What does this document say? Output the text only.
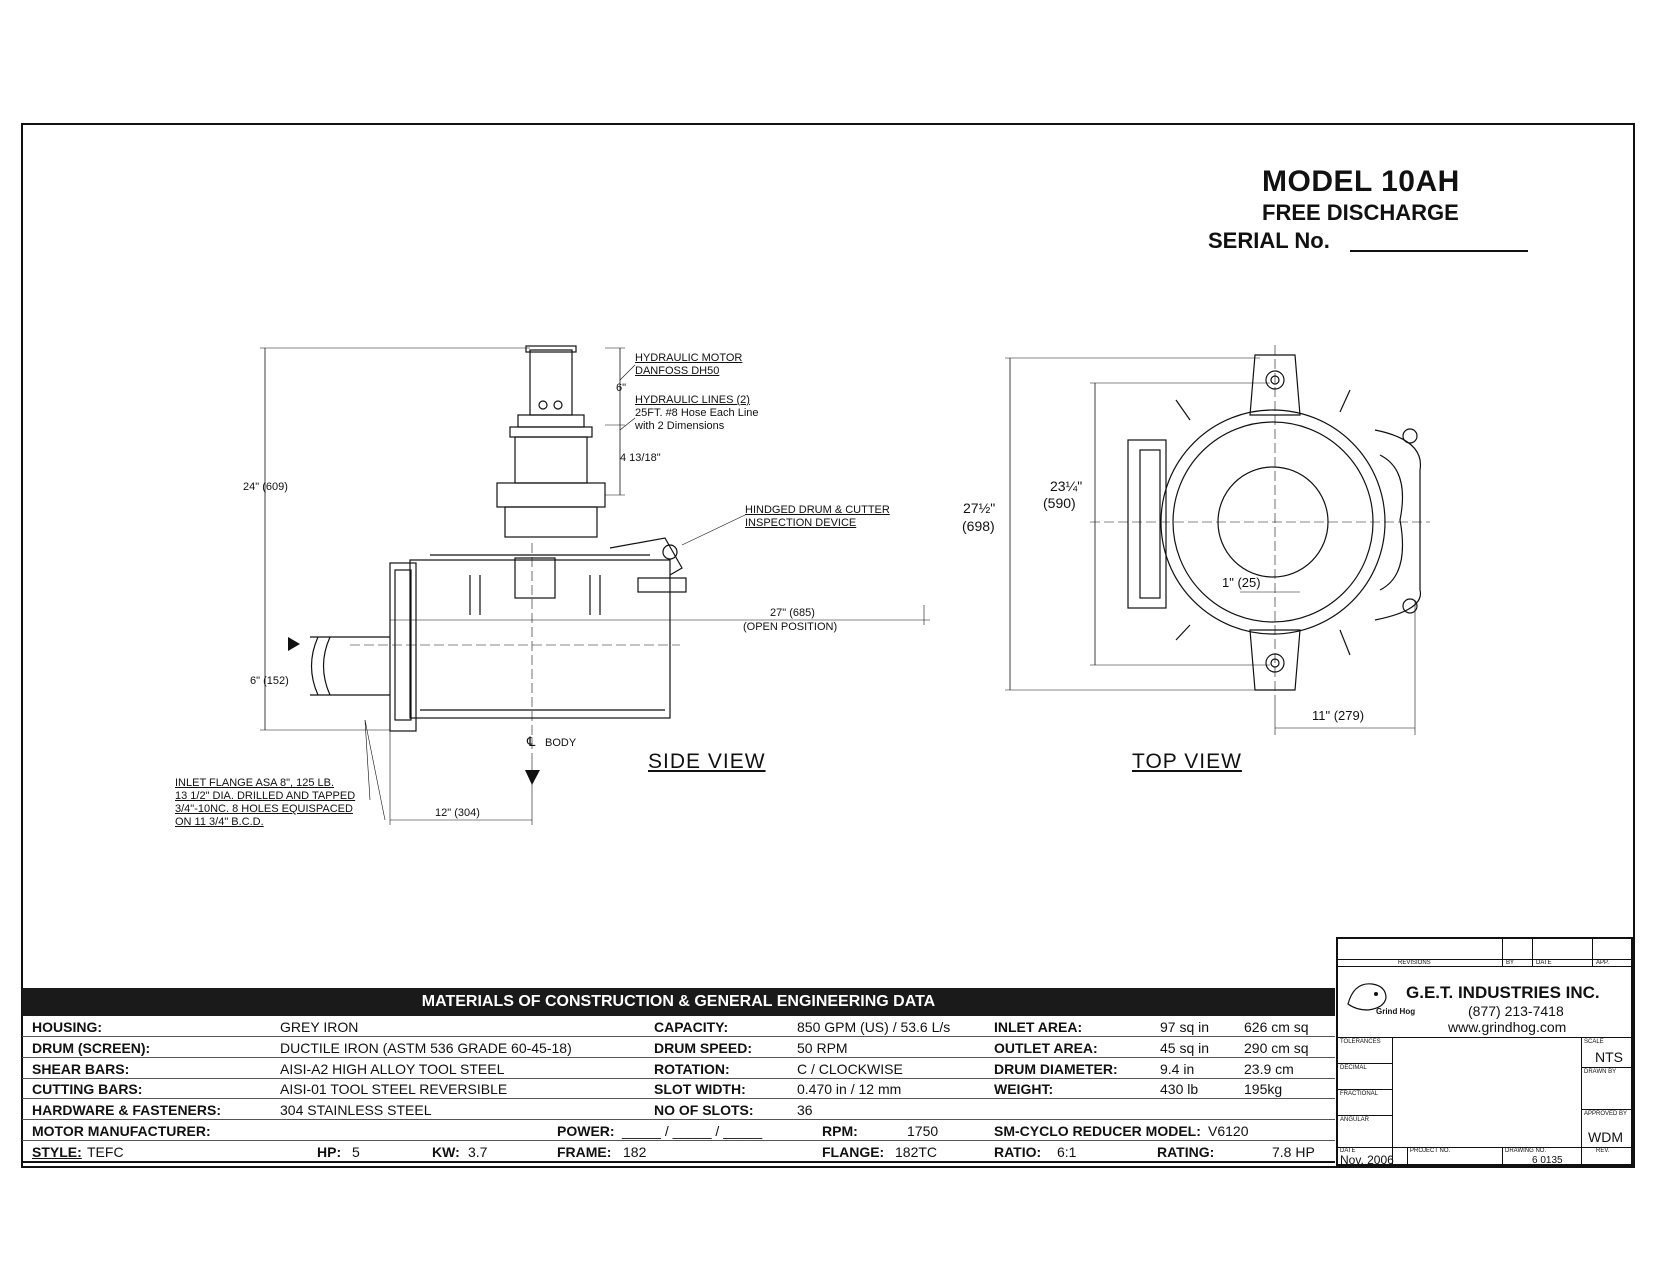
MODEL 10AH
FREE DISCHARGE
SERIAL No.
HYDRAULIC MOTOR
DANFOSS DH50
6"
HYDRAULIC LINES (2)
25FT. #8 Hose Each Line
with 2 Dimensions
4 13/18"
24" (609)
6" (152)
HINDGED DRUM & CUTTER
INSPECTION DEVICE
27" (685)
(OPEN POSITION)
℄ BODY
INLET FLANGE ASA 8", 125 LB.
13 1/2" DIA. DRILLED AND TAPPED
3/4"-10NC. 8 HOLES EQUISPACED
ON 11 3/4" B.C.D.
12" (304)
SIDE VIEW
27½"
(698)
23¼"
(590)
1" (25)
11" (279)
TOP VIEW
MATERIALS OF CONSTRUCTION & GENERAL ENGINEERING DATA
HOUSING:	GREY IRON	CAPACITY:	850 GPM (US) / 53.6 L/s	INLET AREA:	97 sq in 626 cm sq
DRUM (SCREEN):	DUCTILE IRON (ASTM 536 GRADE 60-45-18)	DRUM SPEED:	50 RPM	OUTLET AREA:	45 sq in 290 cm sq
SHEAR BARS:	AISI-A2 HIGH ALLOY TOOL STEEL	ROTATION:	C / CLOCKWISE	DRUM DIAMETER:	9.4 in	23.9 cm
CUTTING BARS:	AISI-01 TOOL STEEL REVERSIBLE	SLOT WIDTH:	0.470 in / 12 mm	WEIGHT:	430 lb	195kg
HARDWARE & FASTENERS:	304 STAINLESS STEEL	NO OF SLOTS:	36
MOTOR MANUFACTURER:	POWER: _____ / _____ / _____	RPM:	1750	SM-CYCLO REDUCER MODEL: V6120
STYLE: TEFC	HP: 5	KW: 3.7	FRAME: 182	FLANGE: 182TC	RATIO: 6:1	RATING:	7.8 HP
REVISIONS	BY	DATE	APP.
Grind Hog
G.E.T. INDUSTRIES INC.
(877) 213-7418
www.grindhog.com
TOLERANCES
DECIMAL
FRACTIONAL
ANGULAR
SCALE
NTS
DRAWN BY
APPROVED BY
WDM
DATE
Nov. 2006
PROJECT NO.	DRAWING NO.
6 0135
REV.
